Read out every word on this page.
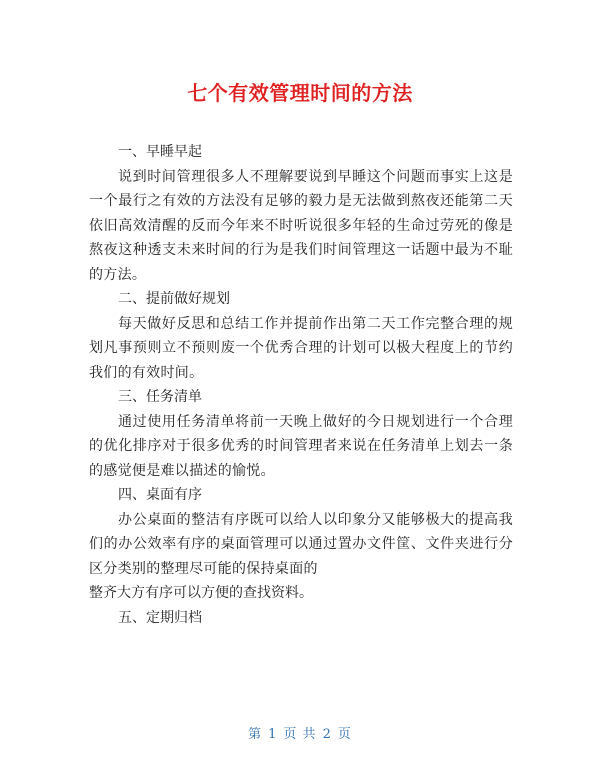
七个有效管理时间的方法

一、早睡早起

说到时间管理很多人不理解要说到早睡这个问题而事实上这是一个最行之有效的方法没有足够的毅力是无法做到熬夜还能第二天依旧高效清醒的反而今年来不时听说很多年轻的生命过劳死的像是熬夜这种透支未来时间的行为是我们时间管理这一话题中最为不耻的方法。

二、提前做好规划

每天做好反思和总结工作并提前作出第二天工作完整合理的规划凡事预则立不预则废一个优秀合理的计划可以极大程度上的节约我们的有效时间。

三、任务清单

通过使用任务清单将前一天晚上做好的今日规划进行一个合理的优化排序对于很多优秀的时间管理者来说在任务清单上划去一条的感觉便是难以描述的愉悦。

四、桌面有序

办公桌面的整洁有序既可以给人以印象分又能够极大的提高我们的办公效率有序的桌面管理可以通过置办文件筐、文件夹进行分区分类别的整理尽可能的保持桌面的

整齐大方有序可以方便的查找资料。

五、定期归档

第 1 页 共 2 页
